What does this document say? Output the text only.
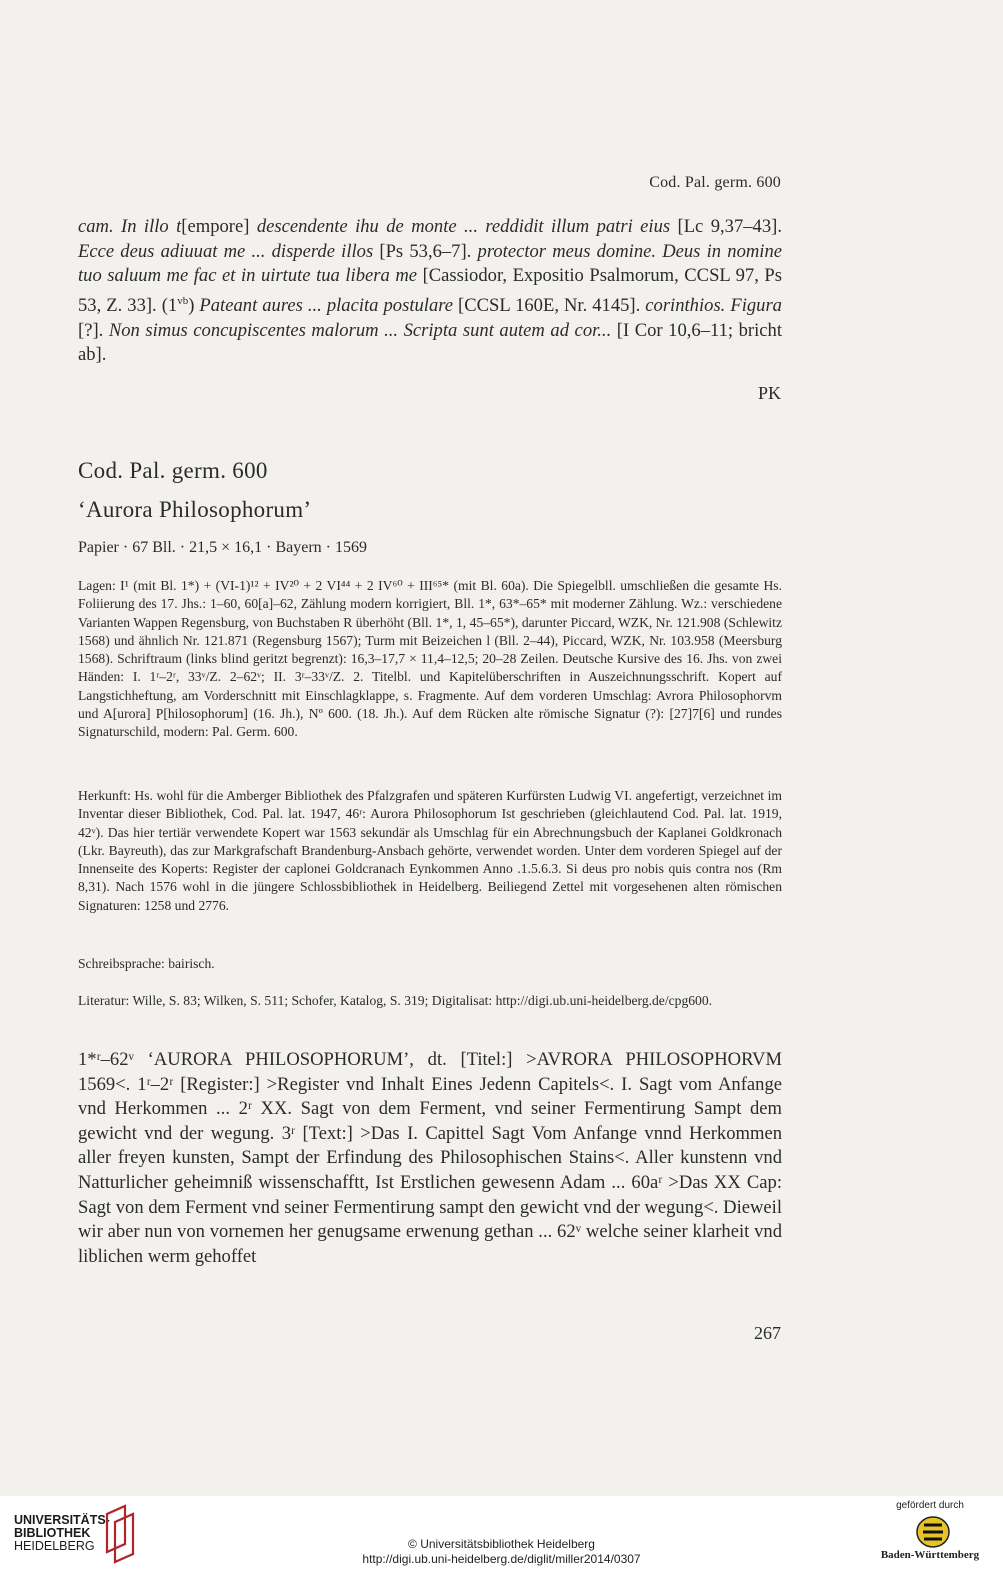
Cod. Pal. germ. 600

cam. In illo t[empore] descendente ihu de monte ... reddidit illum patri eius [Lc 9,37–43]. Ecce deus adiuuat me ... disperde illos [Ps 53,6–7]. protector meus domine. Deus in nomine tuo saluum me fac et in uirtute tua libera me [Cassiodor, Expositio Psalmorum, CCSL 97, Ps 53, Z. 33]. $(1^{vb})$ Pateant aures ... placita postulare [CCSL 160E, Nr. 4145]. corinthios. Figura [?]. Non simus concupiscentes malorum ... Scripta sunt autem ad cor... [I Cor 10,6–11; bricht ab].

PK
Cod. Pal. germ. 600
‘Aurora Philosophorum’
Papier · 67 Bll. · 21,5 × 16,1 · Bayern · 1569

Lagen: I¹ (mit Bl. 1*) + (VI-1)¹² + IV²⁰ + 2 VI⁴⁴ + 2 IV⁶⁰ + III⁶⁵* (mit Bl. 60a). Die Spiegelbll. umschließen die gesamte Hs. Foliierung des 17. Jhs.: 1–60, 60[a]–62, Zählung modern korrigiert, Bll. 1*, 63*–65* mit moderner Zählung. Wz.: verschiedene Varianten Wappen Regensburg, von Buchstaben R überhöht (Bll. 1*, 1, 45–65*), darunter Piccard, WZK, Nr. 121.908 (Schlewitz 1568) und ähnlich Nr. 121.871 (Regensburg 1567); Turm mit Beizeichen l (Bll. 2–44), Piccard, WZK, Nr. 103.958 (Meersburg 1568). Schriftraum (links blind geritzt begrenzt): 16,3–17,7 × 11,4–12,5; 20–28 Zeilen. Deutsche Kursive des 16. Jhs. von zwei Händen: I. 1ʳ–2ʳ, 33ᵛ/Z. 2–62ᵛ; II. 3ʳ–33ᵛ/Z. 2. Titelbl. und Kapitelüberschriften in Auszeichnungsschrift. Kopert auf Langstichheftung, am Vorderschnitt mit Einschlagklappe, s. Fragmente. Auf dem vorderen Umschlag: Avrora Philosophorvm und A[urora] P[hilosophorum] (16. Jh.), Nº 600. (18. Jh.). Auf dem Rücken alte römische Signatur (?): [27]7[6] und rundes Signaturschild, modern: Pal. Germ. 600.

Herkunft: Hs. wohl für die Amberger Bibliothek des Pfalzgrafen und späteren Kurfürsten Ludwig VI. angefertigt, verzeichnet im Inventar dieser Bibliothek, Cod. Pal. lat. 1947, 46ʳ: Aurora Philosophorum Ist geschrieben (gleichlautend Cod. Pal. lat. 1919, 42ᵛ). Das hier tertiär verwendete Kopert war 1563 sekundär als Umschlag für ein Abrechnungsbuch der Kaplanei Goldkronach (Lkr. Bayreuth), das zur Markgrafschaft Brandenburg-Ansbach gehörte, verwendet worden. Unter dem vorderen Spiegel auf der Innenseite des Koperts: Register der caplonei Goldcranach Eynkommen Anno .1.5.6.3. Si deus pro nobis quis contra nos (Rm 8,31). Nach 1576 wohl in die jüngere Schlossbibliothek in Heidelberg. Beiliegend Zettel mit vorgesehenen alten römischen Signaturen: 1258 und 2776.

Schreibsprache: bairisch.

Literatur: Wille, S. 83; Wilken, S. 511; Schofer, Katalog, S. 319; Digitalisat: http://digi.ub.uni-heidelberg.de/cpg600.

1*ʳ–62ᵛ ‘AURORA PHILOSOPHORUM’, dt. [Titel:] >AVRORA PHILOSOPHORVM 1569<. 1ʳ–2ʳ [Register:] >Register vnd Inhalt Eines Jedenn Capitels<. I. Sagt vom Anfange vnd Herkommen ... 2ʳ XX. Sagt von dem Ferment, vnd seiner Fermentirung Sampt dem gewicht vnd der wegung. 3ʳ [Text:] >Das I. Capittel Sagt Vom Anfange vnnd Herkommen aller freyen kunsten, Sampt der Erfindung des Philosophischen Stains<. Aller kunstenn vnd Natturlicher geheimniß wissenschafftt, Ist Erstlichen gewesenn Adam ... 60aʳ >Das XX Cap: Sagt von dem Ferment vnd seiner Fermentirung sampt den gewicht vnd der wegung<. Dieweil wir aber nun von vornemen her genugsame erwenung gethan ... 62ᵛ welche seiner klarheit vnd liblichen werm gehoffet

267
UNIVERSITÄTS-
BIBLIOTHEK
HEIDELBERG	© Universitätsbibliothek Heidelberg
http://digi.ub.uni-heidelberg.de/diglit/miller2014/0307
gefördert durch
Baden-Württemberg
